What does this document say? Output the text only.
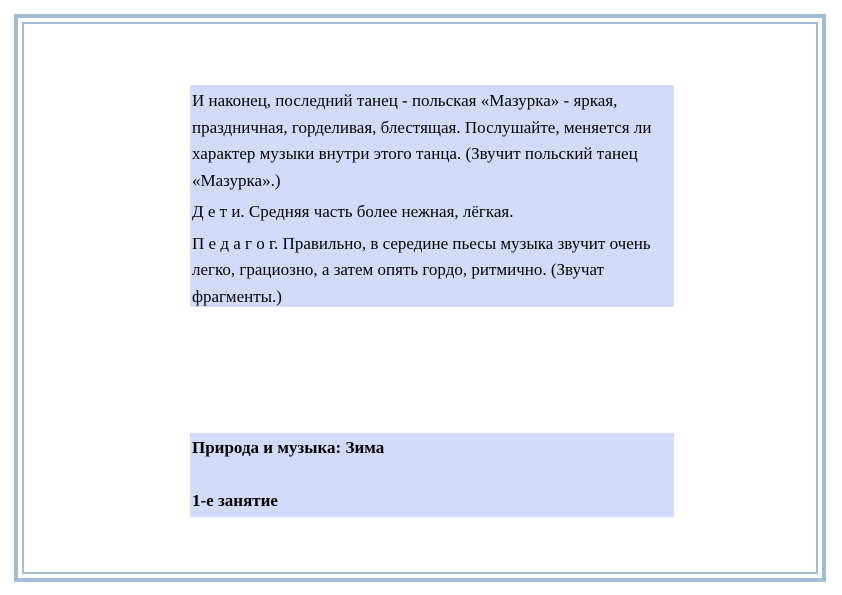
И наконец, последний танец - польская «Мазурка» - яркая, праздничная, горделивая, блестящая. Послушайте, меняется ли характер музыки внутри этого танца. (Звучит польский танец «Мазурка».)

Д е т и. Средняя часть более нежная, лёгкая.

П е д а г о г. Правильно, в середине пьесы музыка звучит очень легко, грациозно, а затем опять гордо, ритмично. (Звучат фрагменты.)

Природа и музыка: Зима

1-е занятие
